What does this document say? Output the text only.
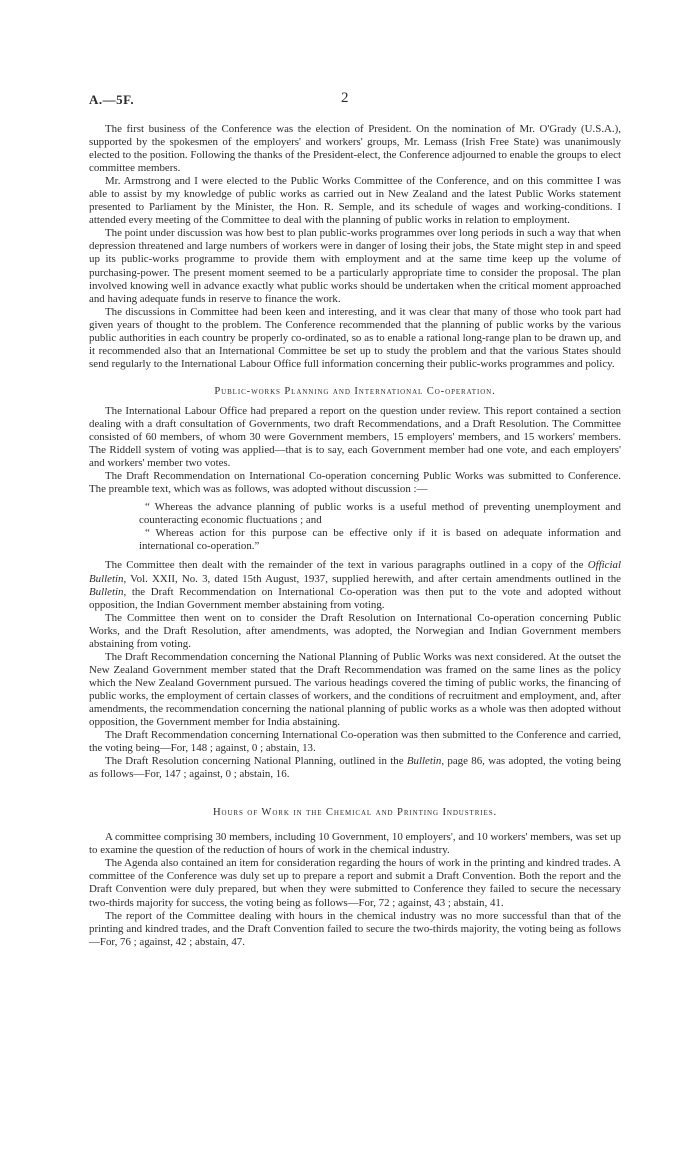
A.—5F.	2

The first business of the Conference was the election of President. On the nomination of Mr. O'Grady (U.S.A.), supported by the spokesmen of the employers' and workers' groups, Mr. Lemass (Irish Free State) was unanimously elected to the position. Following the thanks of the President-elect, the Conference adjourned to enable the groups to elect committee members.

Mr. Armstrong and I were elected to the Public Works Committee of the Conference, and on this committee I was able to assist by my knowledge of public works as carried out in New Zealand and the latest Public Works statement presented to Parliament by the Minister, the Hon. R. Semple, and its schedule of wages and working-conditions. I attended every meeting of the Committee to deal with the planning of public works in relation to employment.

The point under discussion was how best to plan public-works programmes over long periods in such a way that when depression threatened and large numbers of workers were in danger of losing their jobs, the State might step in and speed up its public-works programme to provide them with employment and at the same time keep up the volume of purchasing-power. The present moment seemed to be a particularly appropriate time to consider the proposal. The plan involved knowing well in advance exactly what public works should be undertaken when the critical moment approached and having adequate funds in reserve to finance the work.

The discussions in Committee had been keen and interesting, and it was clear that many of those who took part had given years of thought to the problem. The Conference recommended that the planning of public works by the various public authorities in each country be properly co-ordinated, so as to enable a rational long-range plan to be drawn up, and it recommended also that an International Committee be set up to study the problem and that the various States should send regularly to the International Labour Office full information concerning their public-works programmes and policy.

Public-works Planning and International Co-operation.

The International Labour Office had prepared a report on the question under review. This report contained a section dealing with a draft consultation of Governments, two draft Recommendations, and a Draft Resolution. The Committee consisted of 60 members, of whom 30 were Government members, 15 employers' members, and 15 workers' members. The Riddell system of voting was applied—that is to say, each Government member had one vote, and each employers' and workers' member two votes.

The Draft Recommendation on International Co-operation concerning Public Works was submitted to Conference. The preamble text, which was as follows, was adopted without discussion :—

“ Whereas the advance planning of public works is a useful method of preventing unemployment and counteracting economic fluctuations ; and

“ Whereas action for this purpose can be effective only if it is based on adequate information and international co-operation.”

The Committee then dealt with the remainder of the text in various paragraphs outlined in a copy of the Official Bulletin, Vol. XXII, No. 3, dated 15th August, 1937, supplied herewith, and after certain amendments outlined in the Bulletin, the Draft Recommendation on International Co-operation was then put to the vote and adopted without opposition, the Indian Government member abstaining from voting.

The Committee then went on to consider the Draft Resolution on International Co-operation concerning Public Works, and the Draft Resolution, after amendments, was adopted, the Norwegian and Indian Government members abstaining from voting.

The Draft Recommendation concerning the National Planning of Public Works was next considered. At the outset the New Zealand Government member stated that the Draft Recommendation was framed on the same lines as the policy which the New Zealand Government pursued. The various headings covered the timing of public works, the financing of public works, the employment of certain classes of workers, and the conditions of recruitment and employment, and, after amendments, the recommendation concerning the national planning of public works as a whole was then adopted without opposition, the Government member for India abstaining.

The Draft Recommendation concerning International Co-operation was then submitted to the Conference and carried, the voting being—For, 148 ; against, 0 ; abstain, 13.

The Draft Resolution concerning National Planning, outlined in the Bulletin, page 86, was adopted, the voting being as follows—For, 147 ; against, 0 ; abstain, 16.

Hours of Work in the Chemical and Printing Industries.

A committee comprising 30 members, including 10 Government, 10 employers', and 10 workers' members, was set up to examine the question of the reduction of hours of work in the chemical industry.

The Agenda also contained an item for consideration regarding the hours of work in the printing and kindred trades. A committee of the Conference was duly set up to prepare a report and submit a Draft Convention. Both the report and the Draft Convention were duly prepared, but when they were submitted to Conference they failed to secure the necessary two-thirds majority for success, the voting being as follows—For, 72 ; against, 43 ; abstain, 41.

The report of the Committee dealing with hours in the chemical industry was no more successful than that of the printing and kindred trades, and the Draft Convention failed to secure the two-thirds majority, the voting being as follows—For, 76 ; against, 42 ; abstain, 47.
